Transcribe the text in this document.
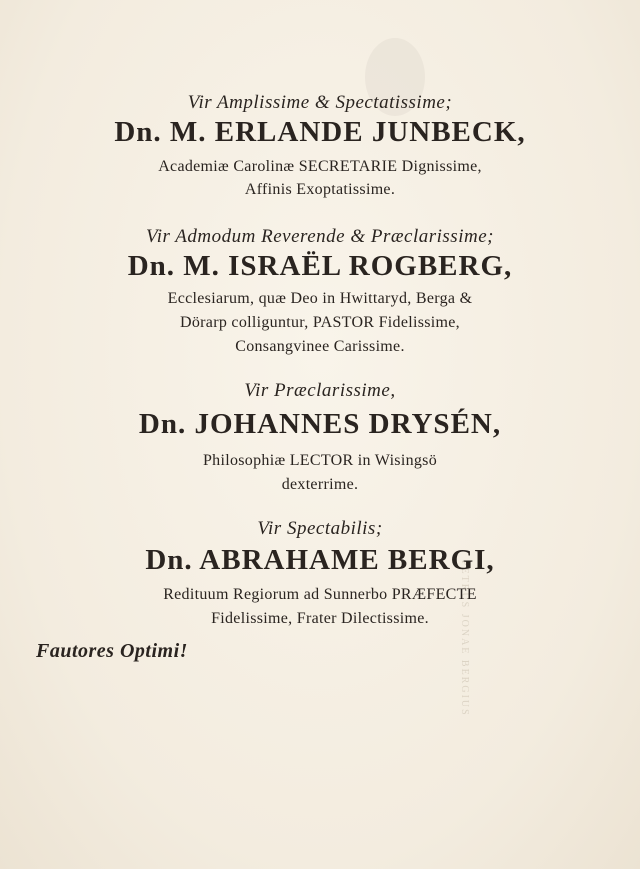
PETRUS JONAE BERGIUS
Vir Amplissime & Spectatissime;
Dn. M. ERLANDE JUNBECK,
Academiæ Carolinæ SECRETARIE Dignissime,
Affinis Exoptatissime.
Vir Admodum Reverende & Præclarissime;
Dn. M. ISRAËL ROGBERG,
Ecclesiarum, quæ Deo in Hwittaryd, Berga &
Dörarp colliguntur, PASTOR Fidelissime,
Consangvinee Carissime.
Vir Præclarissime,
Dn. JOHANNES DRYSÉN,
Philosophiæ LECTOR in Wisingsö
dexterrime.
Vir Spectabilis;
Dn. ABRAHAME BERGI,
Redituum Regiorum ad Sunnerbo PRÆFECTE
Fidelissime, Frater Dilectissime.
Fautores Optimi!
